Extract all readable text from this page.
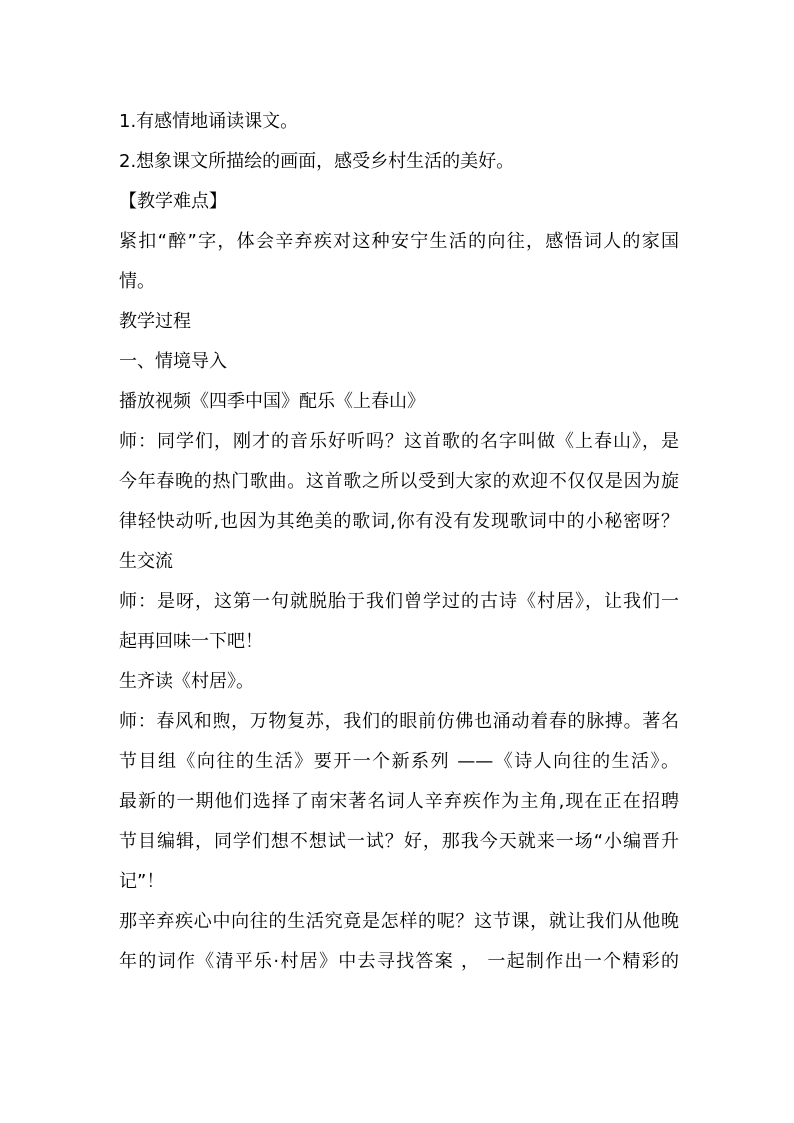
1.有感情地诵读课文。
2.想象课文所描绘的画面，感受乡村生活的美好。
【教学难点】
紧扣“醉”字，体会辛弃疾对这种安宁生活的向往，感悟词人的家国
情。
教学过程
一、情境导入
播放视频《四季中国》配乐《上春山》
师：同学们，刚才的音乐好听吗？这首歌的名字叫做《上春山》，是
今年春晚的热门歌曲。这首歌之所以受到大家的欢迎不仅仅是因为旋
律轻快动听,也因为其绝美的歌词,你有没有发现歌词中的小秘密呀？
生交流
师：是呀，这第一句就脱胎于我们曾学过的古诗《村居》，让我们一
起再回味一下吧！
生齐读《村居》。
师：春风和煦，万物复苏，我们的眼前仿佛也涌动着春的脉搏。著名
节目组《向往的生活》要开一个新系列 ——《诗人向往的生活》。
最新的一期他们选择了南宋著名词人辛弃疾作为主角,现在正在招聘
节目编辑，同学们想不想试一试？好，那我今天就来一场“小编晋升
记”！
那辛弃疾心中向往的生活究竟是怎样的呢？这节课，就让我们从他晚
年的词作《清平乐·村居》中去寻找答案 ， 一起制作出一个精彩的
